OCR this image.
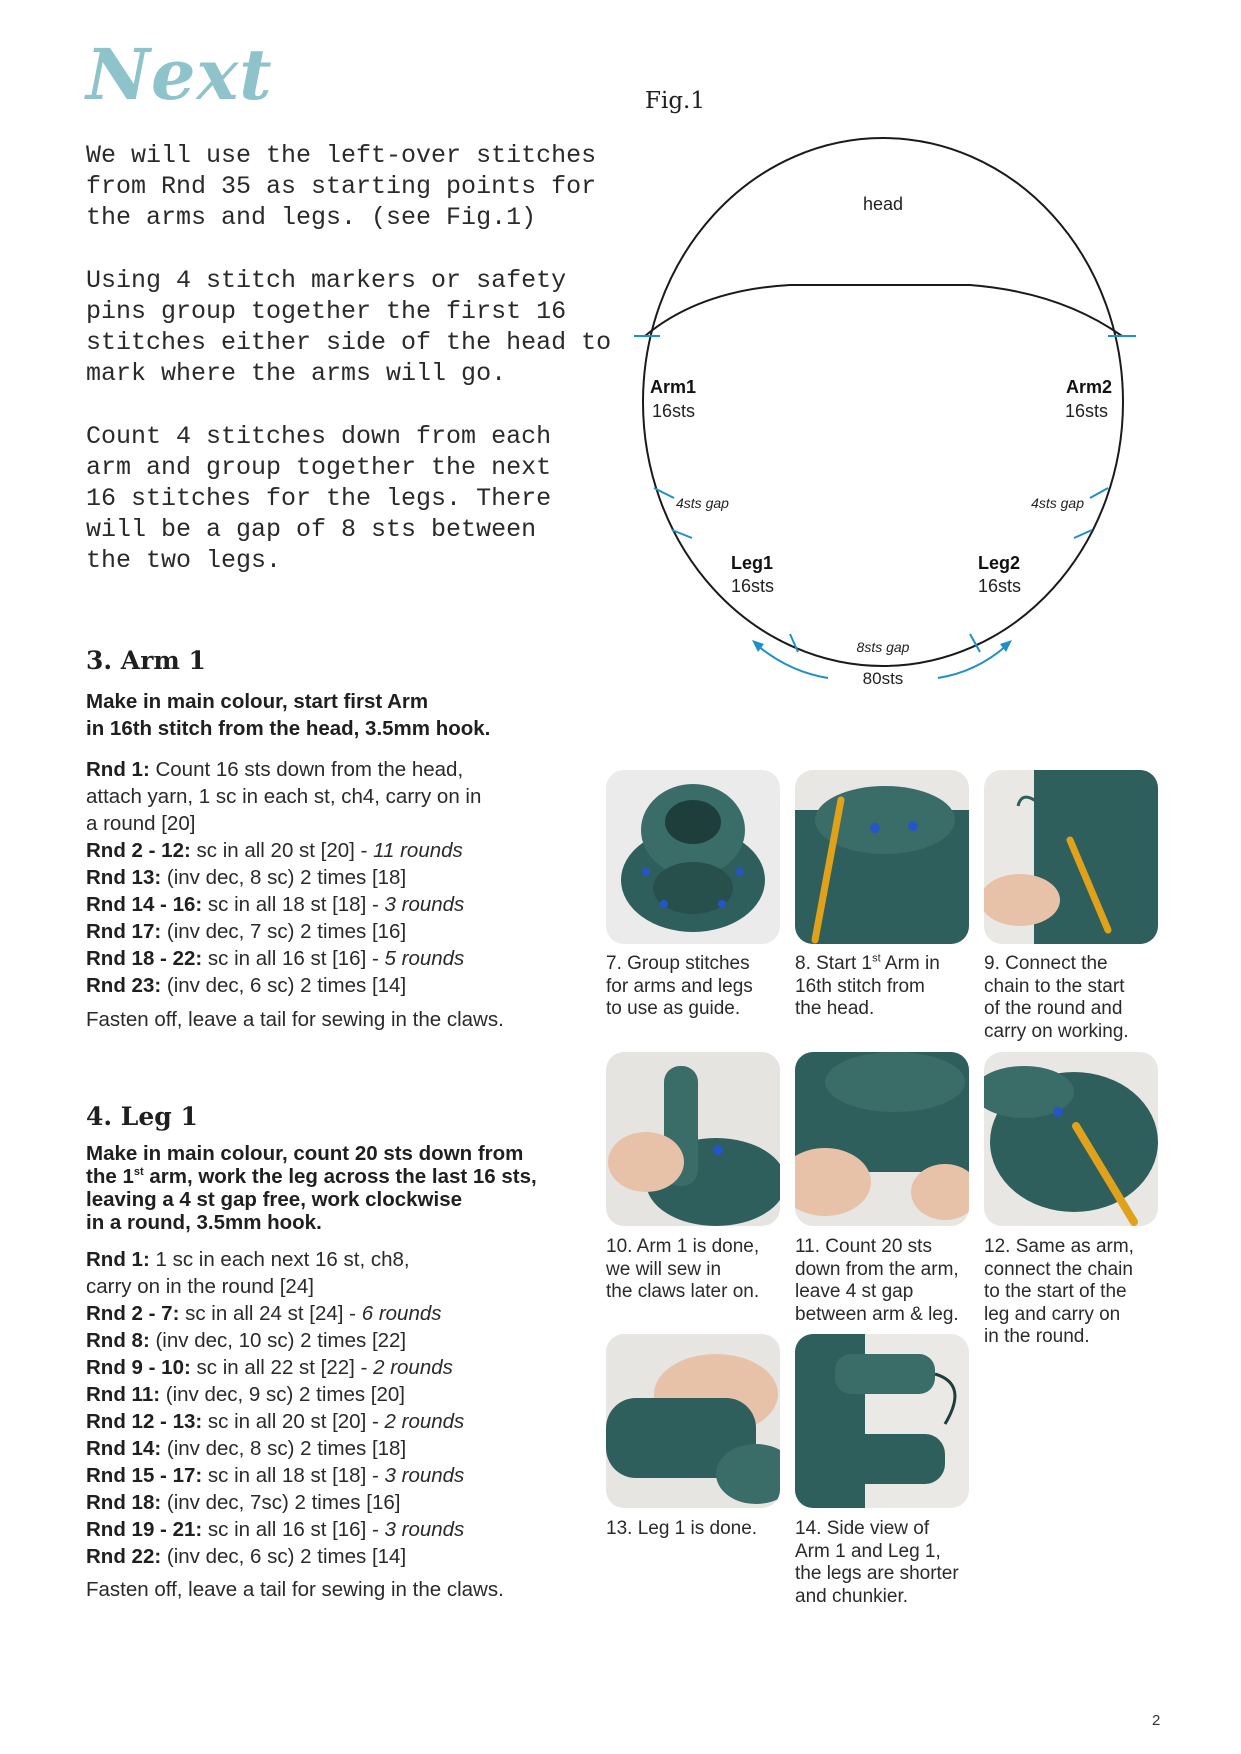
Next

We will use the left-over stitches
from Rnd 35 as starting points for
the arms and legs. (see Fig.1)

Using 4 stitch markers or safety
pins group together the first 16
stitches either side of the head to
mark where the arms will go.

Count 4 stitches down from each
arm and group together the next
16 stitches for the legs. There
will be a gap of 8 sts between
the two legs.

3. Arm 1
Make in main colour, start first Arm
in 16th stitch from the head, 3.5mm hook.
Rnd 1: Count 16 sts down from the head,
attach yarn, 1 sc in each st, ch4, carry on in
a round [20]
Rnd 2 - 12: sc in all 20 st [20] - 11 rounds
Rnd 13: (inv dec, 8 sc) 2 times [18]
Rnd 14 - 16: sc in all 18 st [18] - 3 rounds
Rnd 17: (inv dec, 7 sc) 2 times [16]
Rnd 18 - 22: sc in all 16 st [16] - 5 rounds
Rnd 23: (inv dec, 6 sc) 2 times [14]
Fasten off, leave a tail for sewing in the claws.
4. Leg 1
Make in main colour, count 20 sts down from
the 1st arm, work the leg across the last 16 sts,
leaving a 4 st gap free, work clockwise
in a round, 3.5mm hook.
Rnd 1: 1 sc in each next 16 st, ch8,
carry on in the round [24]
Rnd 2 - 7: sc in all 24 st [24] - 6 rounds
Rnd 8: (inv dec, 10 sc) 2 times [22]
Rnd 9 - 10: sc in all 22 st [22] - 2 rounds
Rnd 11: (inv dec, 9 sc) 2 times [20]
Rnd 12 - 13: sc in all 20 st [20] - 2 rounds
Rnd 14: (inv dec, 8 sc) 2 times [18]
Rnd 15 - 17: sc in all 18 st [18] - 3 rounds
Rnd 18: (inv dec, 7sc) 2 times [16]
Rnd 19 - 21: sc in all 16 st [16] - 3 rounds
Rnd 22: (inv dec, 6 sc) 2 times [14]
Fasten off, leave a tail for sewing in the claws.
Fig.1
head
Arm1
16sts
Arm2
16sts
4sts gap	4sts gap
Leg1
16sts
Leg2
16sts
8sts gap
80sts
7. Group stitches
for arms and legs
to use as guide.
8. Start 1st Arm in
16th stitch from
the head.
9. Connect the
chain to the start
of the round and
carry on working.
10. Arm 1 is done,
we will sew in
the claws later on.
11. Count 20 sts
down from the arm,
leave 4 st gap
between arm & leg.
12. Same as arm,
connect the chain
to the start of the
leg and carry on
in the round.
13. Leg 1 is done.	14. Side view of
Arm 1 and Leg 1,
the legs are shorter
and chunkier.
2
